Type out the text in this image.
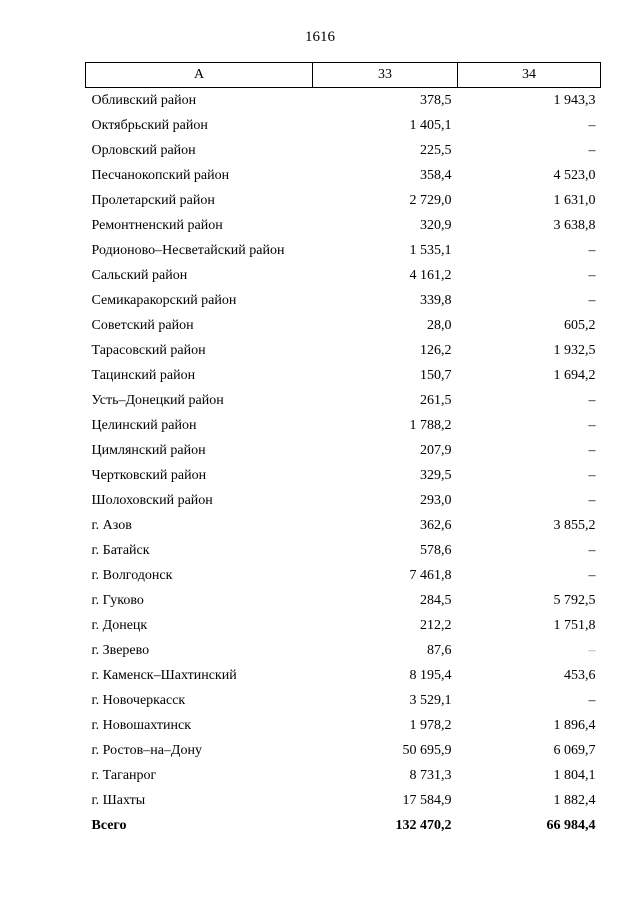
1616
A	33	34
Обливский район	378,5	1 943,3
Октябрьский район	1 405,1	–
Орловский район	225,5	–
Песчанокопский район	358,4	4 523,0
Пролетарский район	2 729,0	1 631,0
Ремонтненский район	320,9	3 638,8
Родионово–Несветайский район	1 535,1	–
Сальский район	4 161,2	–
Семикаракорский район	339,8	–
Советский район	28,0	605,2
Тарасовский район	126,2	1 932,5
Тацинский район	150,7	1 694,2
Усть–Донецкий район	261,5	–
Целинский район	1 788,2	–
Цимлянский район	207,9	–
Чертковский район	329,5	–
Шолоховский район	293,0	–
г. Азов	362,6	3 855,2
г. Батайск	578,6	–
г. Волгодонск	7 461,8	–
г. Гуково	284,5	5 792,5
г. Донецк	212,2	1 751,8
г. Зверево	87,6	–
г. Каменск–Шахтинский	8 195,4	453,6
г. Новочеркасск	3 529,1	–
г. Новошахтинск	1 978,2	1 896,4
г. Ростов–на–Дону	50 695,9	6 069,7
г. Таганрог	8 731,3	1 804,1
г. Шахты	17 584,9	1 882,4
Всего	132 470,2	66 984,4
